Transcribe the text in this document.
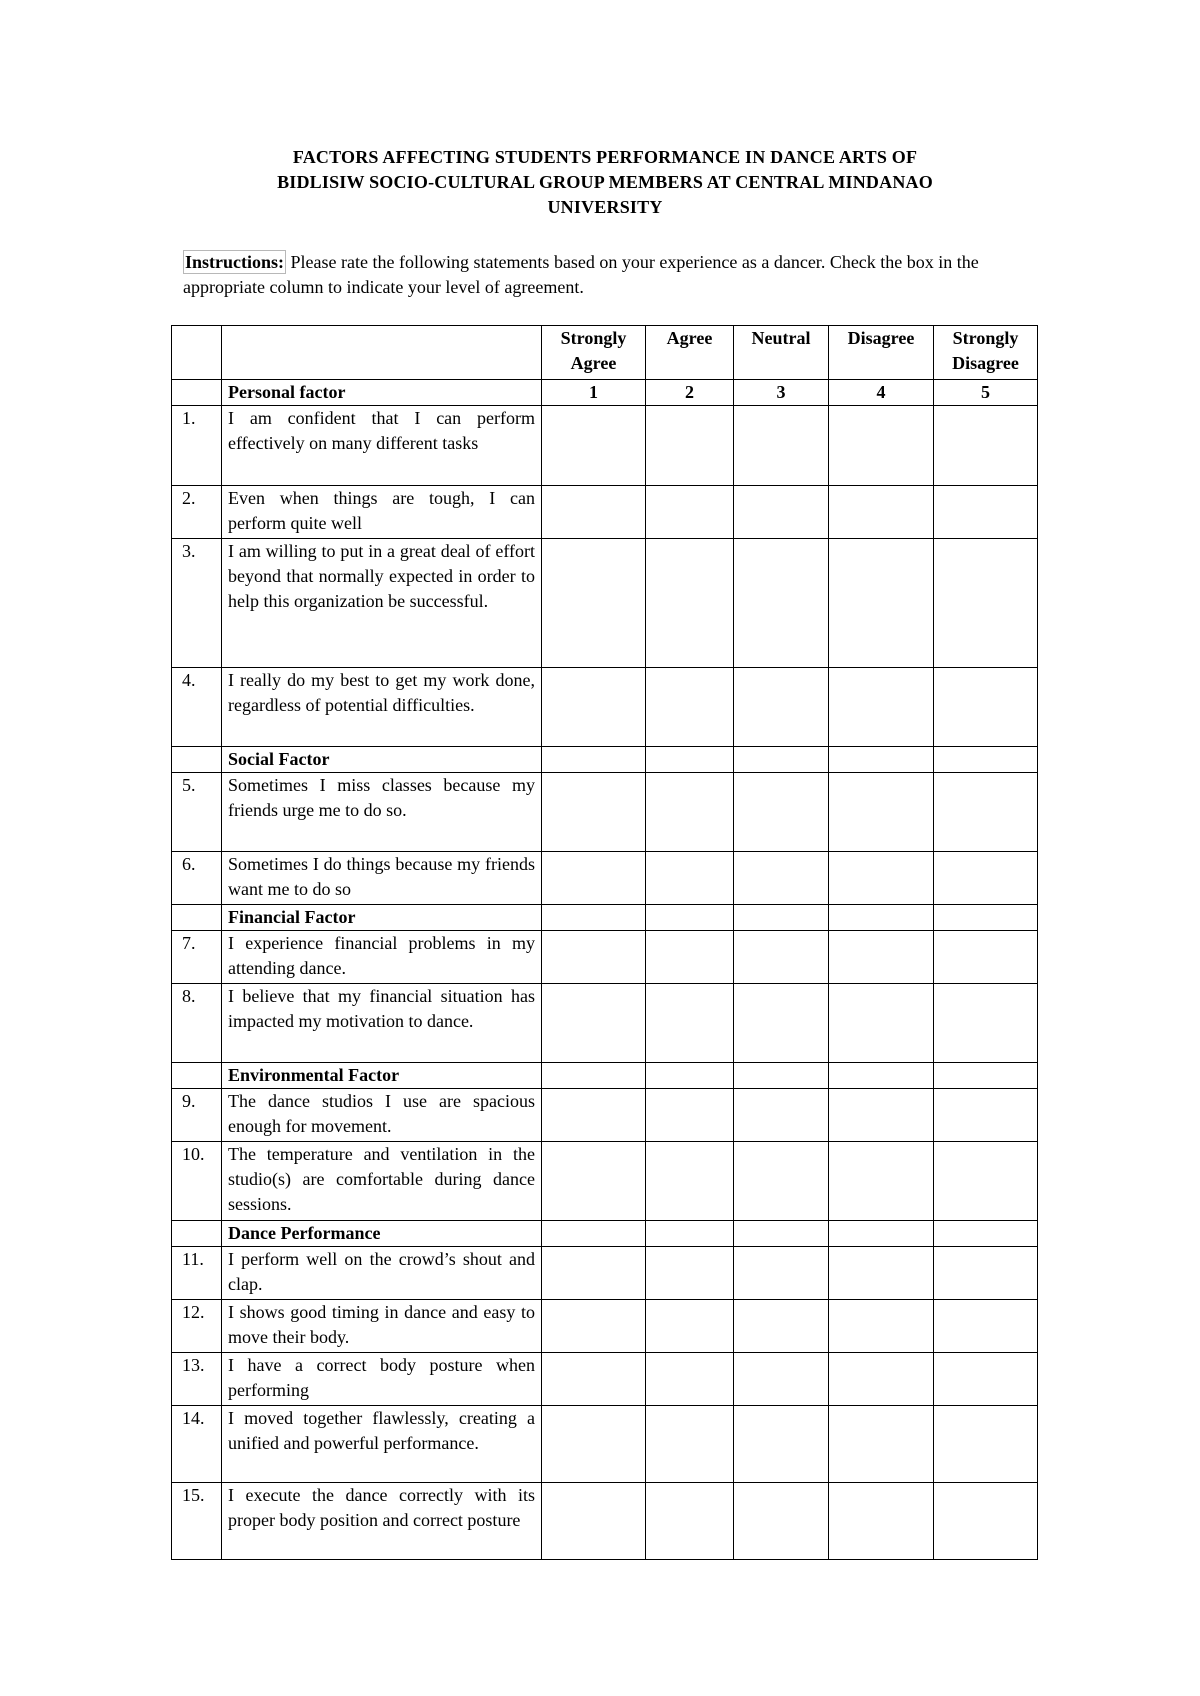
FACTORS AFFECTING STUDENTS PERFORMANCE IN DANCE ARTS OF
BIDLISIW SOCIO-CULTURAL GROUP MEMBERS AT CENTRAL MINDANAO
UNIVERSITY
Instructions: Please rate the following statements based on your experience as a dancer. Check the box in the appropriate column to indicate your level of agreement.
		Strongly Agree	Agree	Neutral	Disagree	Strongly Disagree
	Personal factor	1	2	3	4	5
1.	I am confident that I can perform effectively on many different tasks					
2.	Even when things are tough, I can perform quite well					
3.	I am willing to put in a great deal of effort beyond that normally expected in order to help this organization be successful.					
4.	I really do my best to get my work done, regardless of potential difficulties.					
	Social Factor					
5.	Sometimes I miss classes because my friends urge me to do so.					
6.	Sometimes I do things because my friends want me to do so					
	Financial Factor					
7.	I experience financial problems in my attending dance.					
8.	I believe that my financial situation has impacted my motivation to dance.					
	Environmental Factor					
9.	The dance studios I use are spacious enough for movement.					
10.	The temperature and ventilation in the studio(s) are comfortable during dance sessions.					
	Dance Performance					
11.	I perform well on the crowd’s shout and clap.					
12.	I shows good timing in dance and easy to move their body.					
13.	I have a correct body posture when performing					
14.	I moved together flawlessly, creating a unified and powerful performance.					
15.	I execute the dance correctly with its proper body position and correct posture					
